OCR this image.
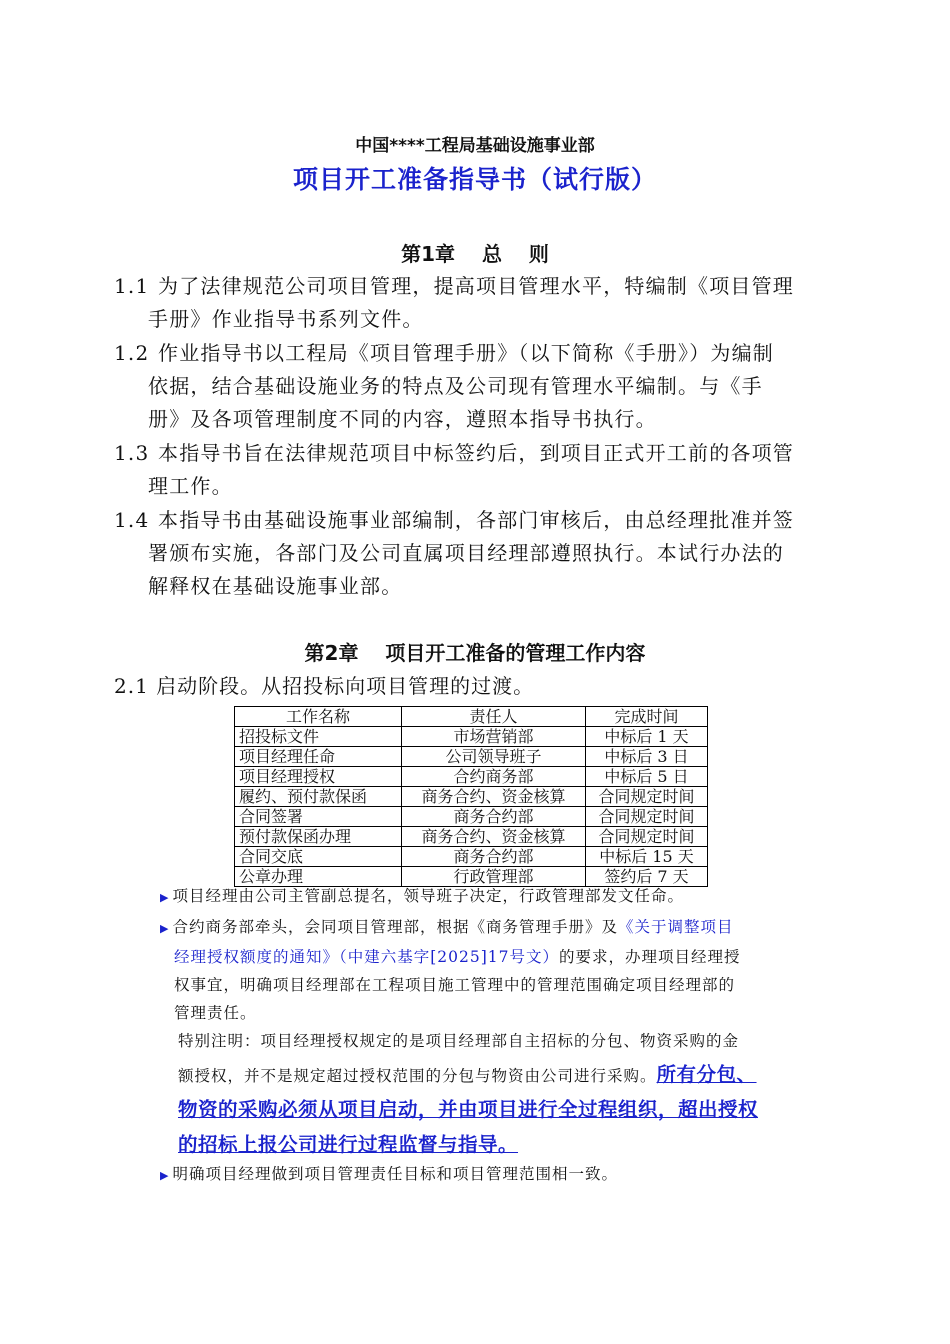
中国****工程局基础设施事业部
项目开工准备指导书（试行版）
第1章　 总　 则
1.1 为了法律规范公司项目管理，提高项目管理水平，特编制《项目管理
手册》作业指导书系列文件。
1.2 作业指导书以工程局《项目管理手册》（以下简称《手册》）为编制
依据，结合基础设施业务的特点及公司现有管理水平编制。与《手
册》及各项管理制度不同的内容，遵照本指导书执行。
1.3 本指导书旨在法律规范项目中标签约后，到项目正式开工前的各项管
理工作。
1.4 本指导书由基础设施事业部编制，各部门审核后，由总经理批准并签
署颁布实施，各部门及公司直属项目经理部遵照执行。本试行办法的
解释权在基础设施事业部。
第2章　 项目开工准备的管理工作内容
2.1 启动阶段。从招投标向项目管理的过渡。
工作名称	责任人	完成时间
招投标文件	市场营销部	中标后 1 天
项目经理任命	公司领导班子	中标后 3 日
项目经理授权	合约商务部	中标后 5 日
履约、预付款保函	商务合约、资金核算	合同规定时间
合同签署	商务合约部	合同规定时间
预付款保函办理	商务合约、资金核算	合同规定时间
合同交底	商务合约部	中标后 15 天
公章办理	行政管理部	签约后 7 天
▶ 项目经理由公司主管副总提名，领导班子决定，行政管理部发文任命。
▶ 合约商务部牵头，会同项目管理部，根据《商务管理手册》及《关于调整项目
经理授权额度的通知》（中建六基字[2025]17号文）的要求，办理项目经理授
权事宜，明确项目经理部在工程项目施工管理中的管理范围确定项目经理部的
管理责任。
特别注明：项目经理授权规定的是项目经理部自主招标的分包、物资采购的金
额授权，并不是规定超过授权范围的分包与物资由公司进行采购。所有分包、
物资的采购必须从项目启动，并由项目进行全过程组织，超出授权
的招标上报公司进行过程监督与指导。
▶ 明确项目经理做到项目管理责任目标和项目管理范围相一致。
